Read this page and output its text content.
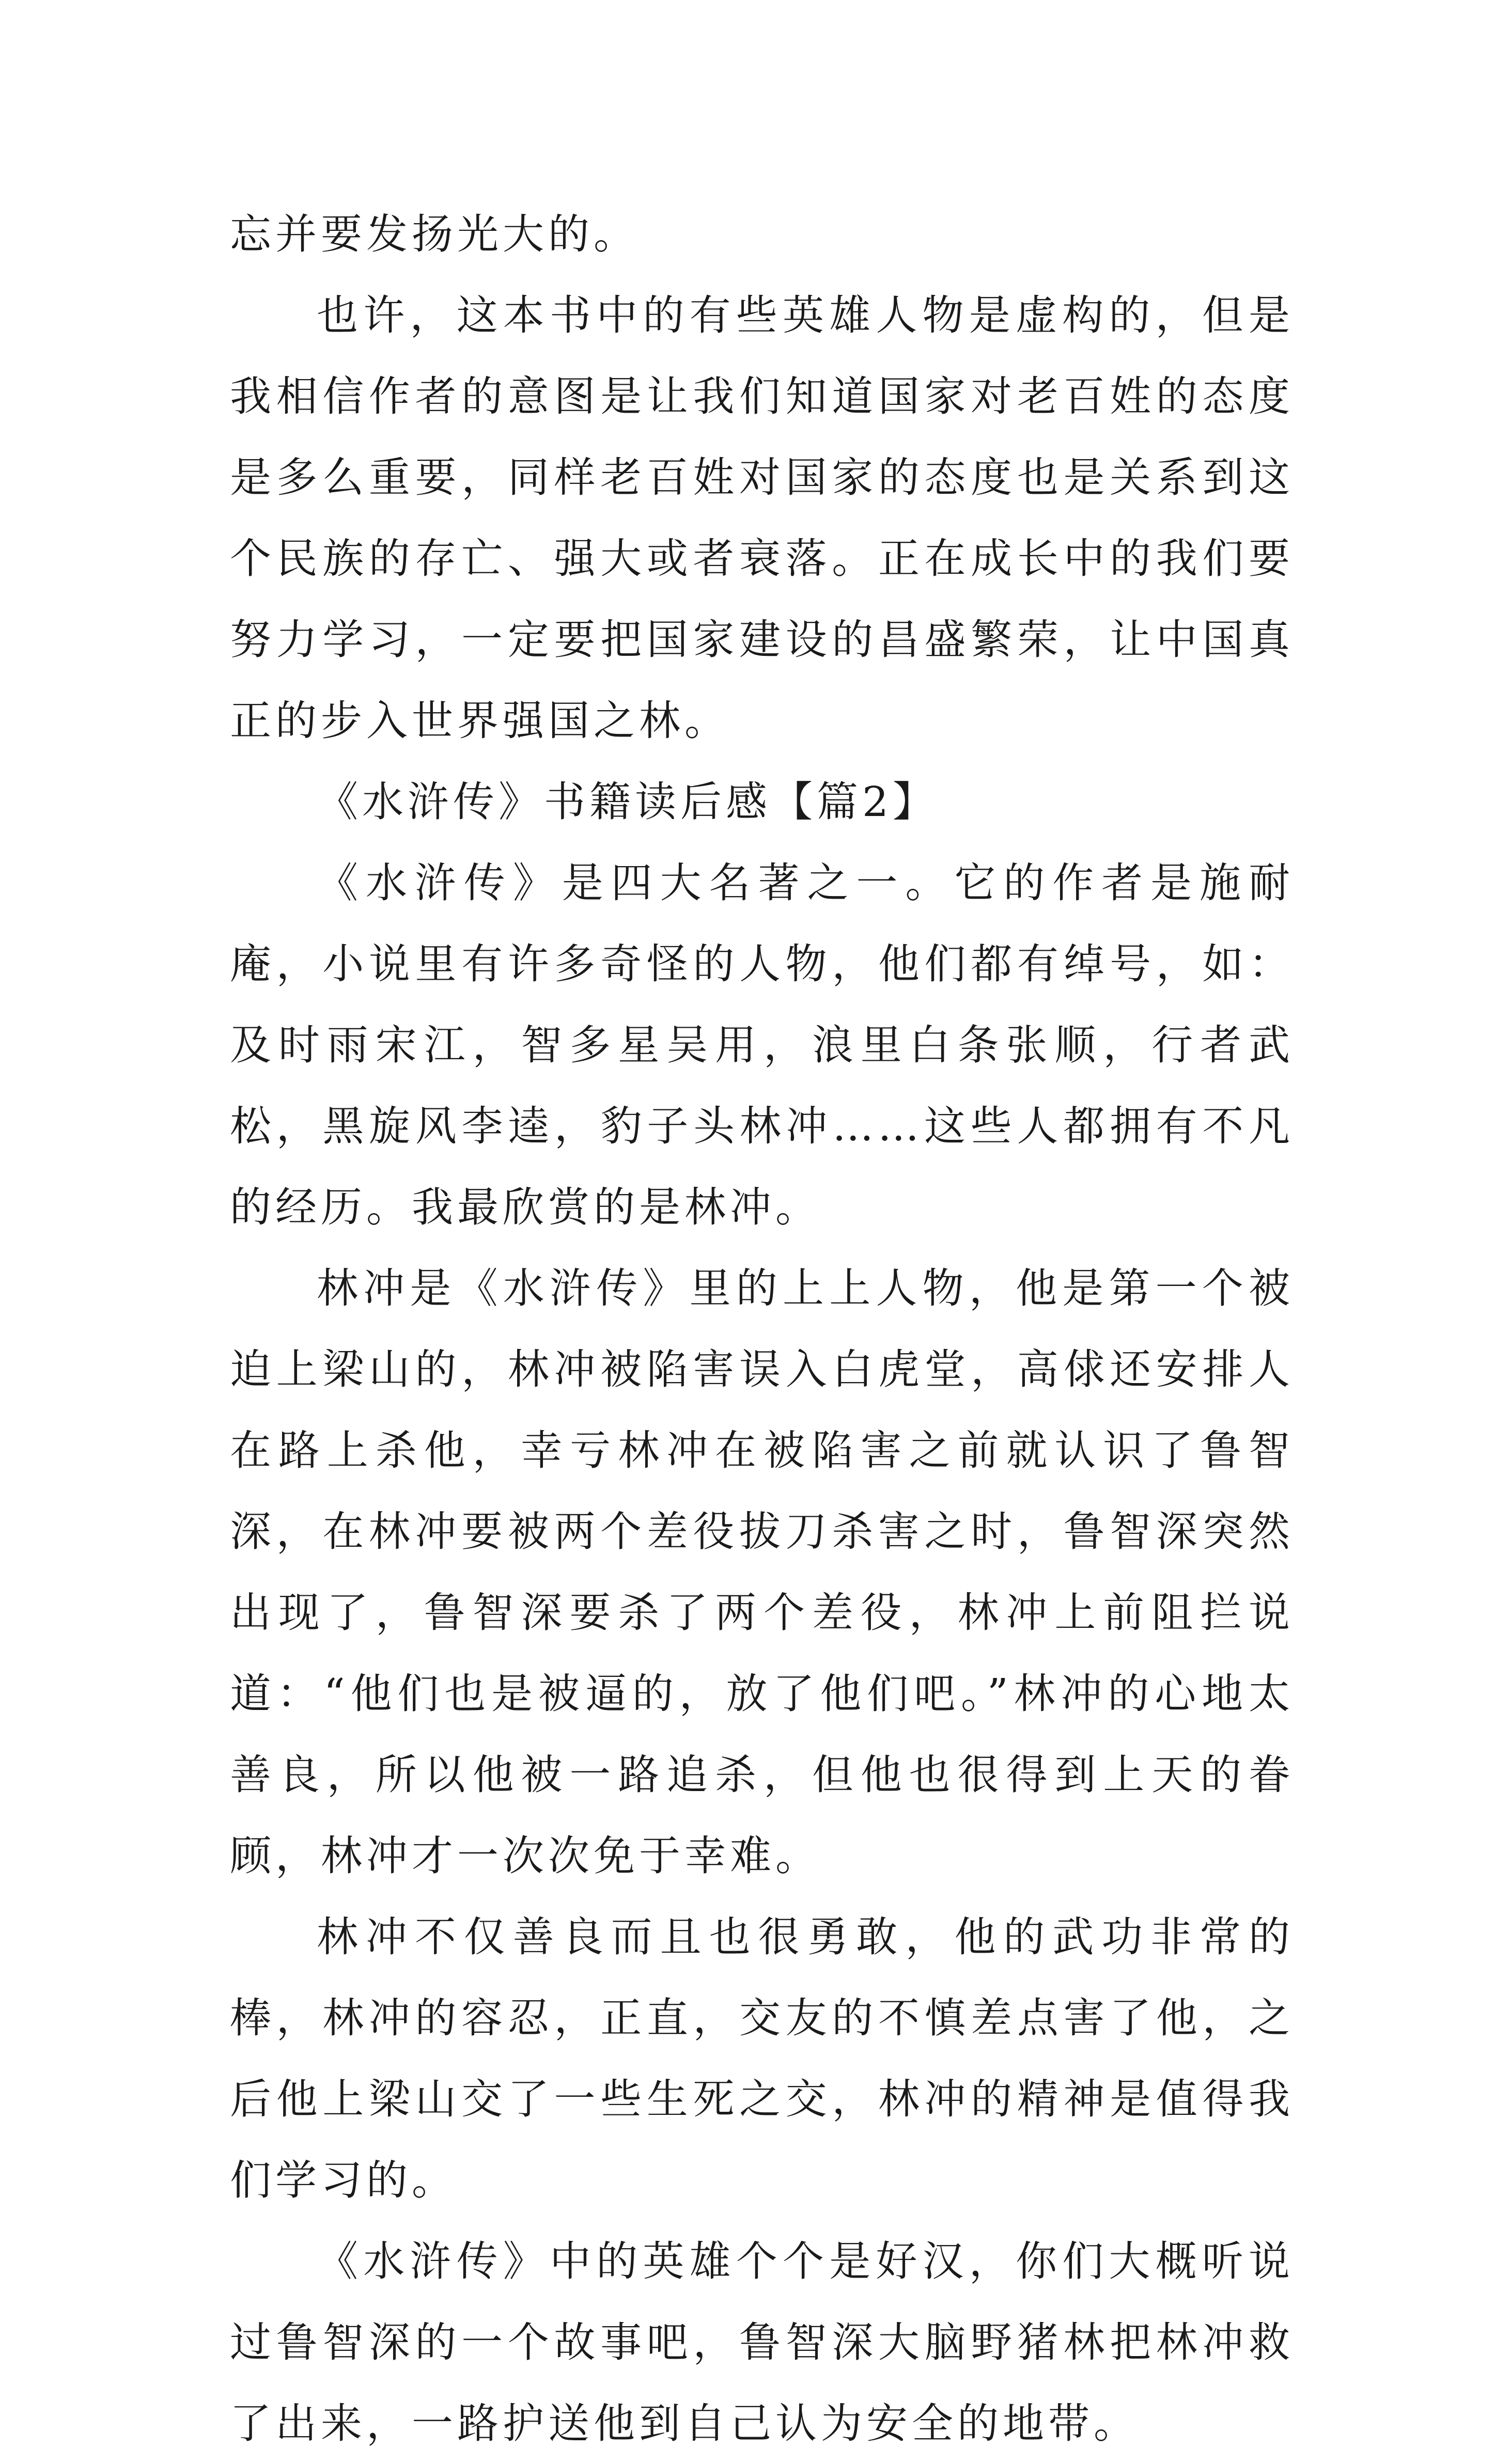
忘并要发扬光大的。

也许，这本书中的有些英雄人物是虚构的，但是我相信作者的意图是让我们知道国家对老百姓的态度是多么重要，同样老百姓对国家的态度也是关系到这个民族的存亡、强大或者衰落。正在成长中的我们要努力学习，一定要把国家建设的昌盛繁荣，让中国真正的步入世界强国之林。

《水浒传》书籍读后感【篇2】

《水浒传》是四大名著之一。它的作者是施耐庵，小说里有许多奇怪的人物，他们都有绰号，如：及时雨宋江，智多星吴用，浪里白条张顺，行者武松，黑旋风李逵，豹子头林冲……这些人都拥有不凡的经历。我最欣赏的是林冲。

林冲是《水浒传》里的上上人物，他是第一个被迫上梁山的，林冲被陷害误入白虎堂，高俅还安排人在路上杀他，幸亏林冲在被陷害之前就认识了鲁智深，在林冲要被两个差役拔刀杀害之时，鲁智深突然出现了，鲁智深要杀了两个差役，林冲上前阻拦说道：“他们也是被逼的，放了他们吧。”林冲的心地太善良，所以他被一路追杀，但他也很得到上天的眷顾，林冲才一次次免于幸难。

林冲不仅善良而且也很勇敢，他的武功非常的棒，林冲的容忍，正直，交友的不慎差点害了他，之后他上梁山交了一些生死之交，林冲的精神是值得我们学习的。

《水浒传》中的英雄个个是好汉，你们大概听说过鲁智深的一个故事吧，鲁智深大脑野猪林把林冲救了出来，一路护送他到自己认为安全的地带。
